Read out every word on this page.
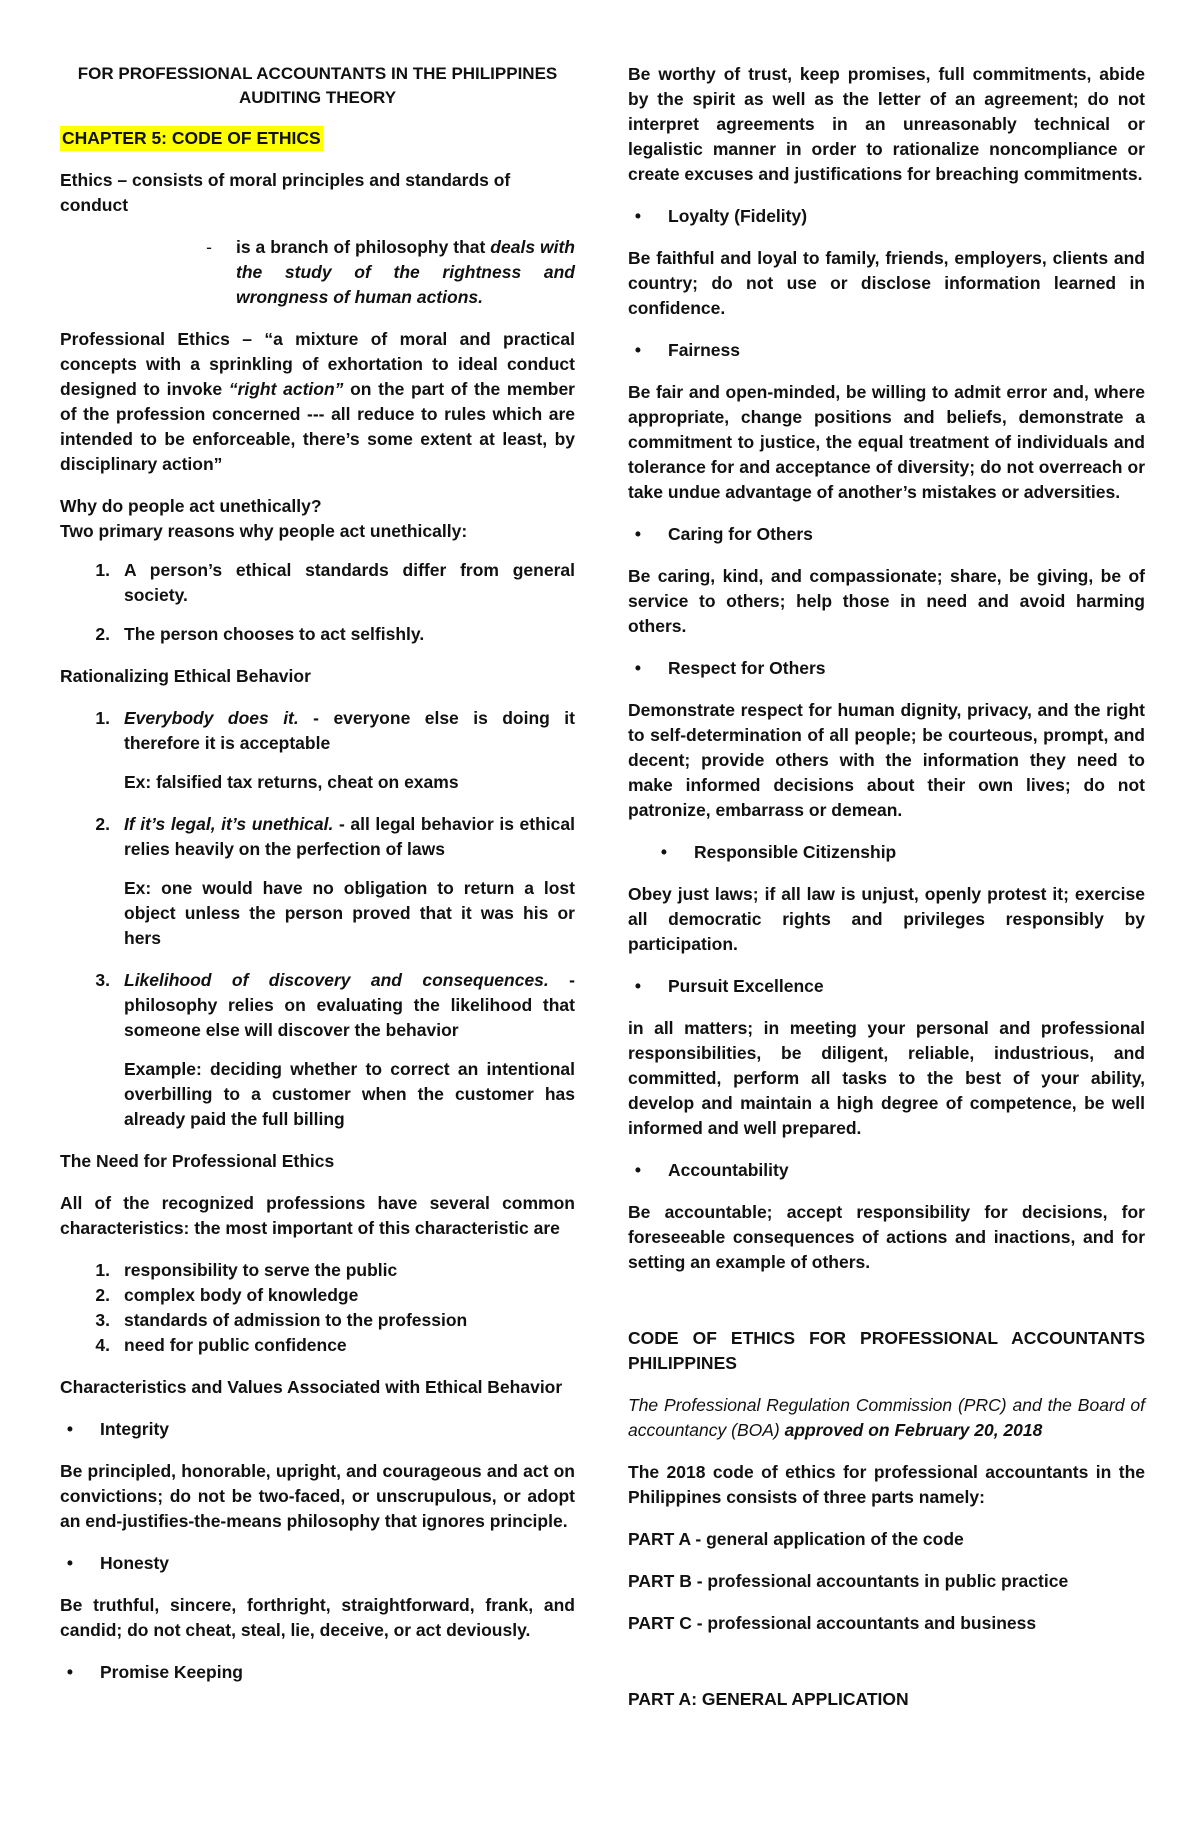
FOR PROFESSIONAL ACCOUNTANTS IN THE PHILIPPINES
AUDITING THEORY

CHAPTER 5: CODE OF ETHICS

Ethics – consists of moral principles and standards of conduct

-	is a branch of philosophy that deals with the study of the rightness and wrongness of human actions.

Professional Ethics – “a mixture of moral and practical concepts with a sprinkling of exhortation to ideal conduct designed to invoke “right action” on the part of the member of the profession concerned --- all reduce to rules which are intended to be enforceable, there’s some extent at least, by disciplinary action”

Why do people act unethically?
Two primary reasons why people act unethically:

1. A person’s ethical standards differ from general society.
2. The person chooses to act selfishly.

Rationalizing Ethical Behavior

1. Everybody does it. - everyone else is doing it therefore it is acceptable

Ex: falsified tax returns, cheat on exams

2. If it’s legal, it’s unethical. - all legal behavior is ethical relies heavily on the perfection of laws

Ex: one would have no obligation to return a lost object unless the person proved that it was his or hers

3. Likelihood of discovery and consequences. - philosophy relies on evaluating the likelihood that someone else will discover the behavior

Example: deciding whether to correct an intentional overbilling to a customer when the customer has already paid the full billing

The Need for Professional Ethics

All of the recognized professions have several common characteristics: the most important of this characteristic are

1. responsibility to serve the public
2. complex body of knowledge
3. standards of admission to the profession
4. need for public confidence

Characteristics and Values Associated with Ethical Behavior

•	Integrity

Be principled, honorable, upright, and courageous and act on convictions; do not be two-faced, or unscrupulous, or adopt an end-justifies-the-means philosophy that ignores principle.

•	Honesty

Be truthful, sincere, forthright, straightforward, frank, and candid; do not cheat, steal, lie, deceive, or act deviously.

•	Promise Keeping

Be worthy of trust, keep promises, full commitments, abide by the spirit as well as the letter of an agreement; do not interpret agreements in an unreasonably technical or legalistic manner in order to rationalize noncompliance or create excuses and justifications for breaching commitments.

•	Loyalty (Fidelity)

Be faithful and loyal to family, friends, employers, clients and country; do not use or disclose information learned in confidence.

•	Fairness

Be fair and open-minded, be willing to admit error and, where appropriate, change positions and beliefs, demonstrate a commitment to justice, the equal treatment of individuals and tolerance for and acceptance of diversity; do not overreach or take undue advantage of another’s mistakes or adversities.

•	Caring for Others

Be caring, kind, and compassionate; share, be giving, be of service to others; help those in need and avoid harming others.

•	Respect for Others

Demonstrate respect for human dignity, privacy, and the right to self-determination of all people; be courteous, prompt, and decent; provide others with the information they need to make informed decisions about their own lives; do not patronize, embarrass or demean.

•	Responsible Citizenship

Obey just laws; if all law is unjust, openly protest it; exercise all democratic rights and privileges responsibly by participation.

•	Pursuit Excellence

in all matters; in meeting your personal and professional responsibilities, be diligent, reliable, industrious, and committed, perform all tasks to the best of your ability, develop and maintain a high degree of competence, be well informed and well prepared.

•	Accountability

Be accountable; accept responsibility for decisions, for foreseeable consequences of actions and inactions, and for setting an example of others.

CODE OF ETHICS FOR PROFESSIONAL ACCOUNTANTS PHILIPPINES

The Professional Regulation Commission (PRC) and the Board of accountancy (BOA) approved on February 20, 2018

The 2018 code of ethics for professional accountants in the Philippines consists of three parts namely:

PART A - general application of the code

PART B - professional accountants in public practice

PART C - professional accountants and business

PART A: GENERAL APPLICATION
